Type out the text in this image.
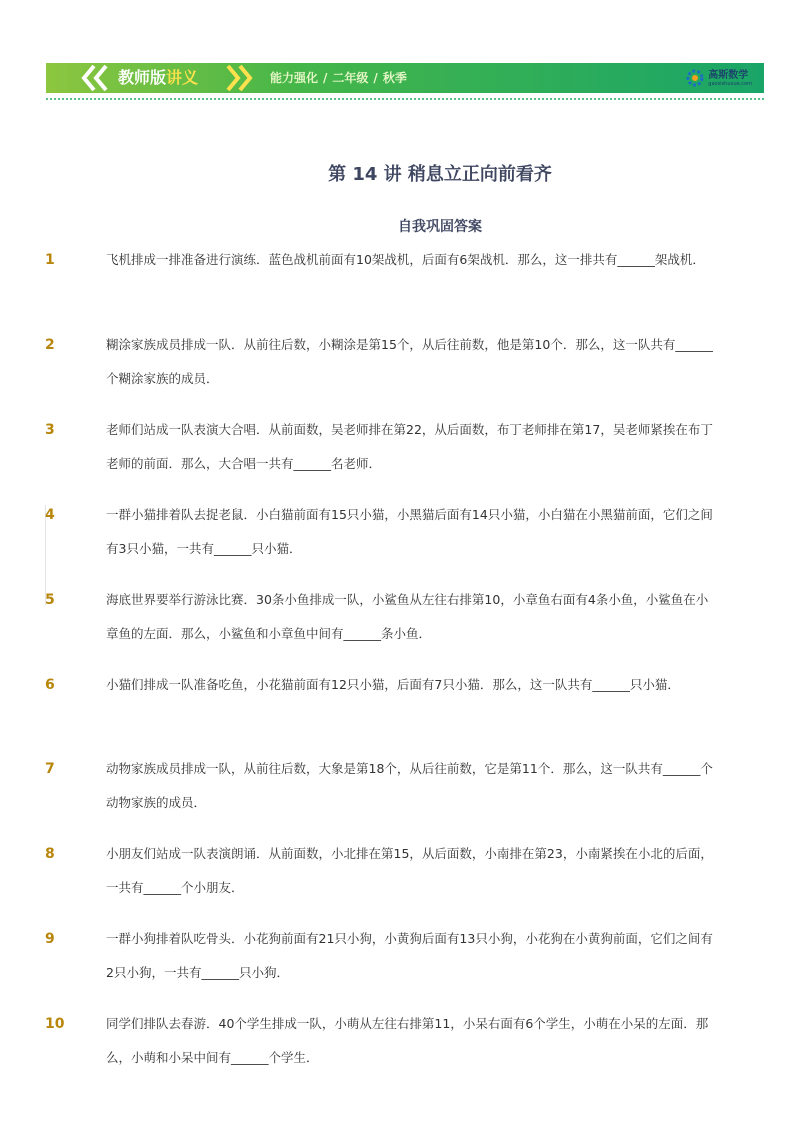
教师版讲义	能力强化 / 二年级 / 秋季	高斯数学
gaosishuxue.com
第 14 讲 稍息立正向前看齐
自我巩固答案
1	飞机排成一排准备进行演练．蓝色战机前面有10架战机，后面有6架战机．那么，这一排共有______架战机．
2	糊涂家族成员排成一队．从前往后数，小糊涂是第15个，从后往前数，他是第10个．那么，这一队共有______个糊涂家族的成员．
3	老师们站成一队表演大合唱．从前面数，吴老师排在第22，从后面数，布丁老师排在第17，吴老师紧挨在布丁老师的前面．那么，大合唱一共有______名老师．
4	一群小猫排着队去捉老鼠．小白猫前面有15只小猫，小黑猫后面有14只小猫，小白猫在小黑猫前面，它们之间有3只小猫，一共有______只小猫．
5	海底世界要举行游泳比赛．30条小鱼排成一队，小鲨鱼从左往右排第10，小章鱼右面有4条小鱼，小鲨鱼在小章鱼的左面．那么，小鲨鱼和小章鱼中间有______条小鱼．
6	小猫们排成一队准备吃鱼，小花猫前面有12只小猫，后面有7只小猫．那么，这一队共有______只小猫．
7	动物家族成员排成一队，从前往后数，大象是第18个，从后往前数，它是第11个．那么，这一队共有______个动物家族的成员．
8	小朋友们站成一队表演朗诵．从前面数，小北排在第15，从后面数，小南排在第23，小南紧挨在小北的后面，一共有______个小朋友．
9	一群小狗排着队吃骨头．小花狗前面有21只小狗，小黄狗后面有13只小狗，小花狗在小黄狗前面，它们之间有2只小狗，一共有______只小狗．
10	同学们排队去春游．40个学生排成一队，小萌从左往右排第11，小呆右面有6个学生，小萌在小呆的左面．那么，小萌和小呆中间有______个学生．
